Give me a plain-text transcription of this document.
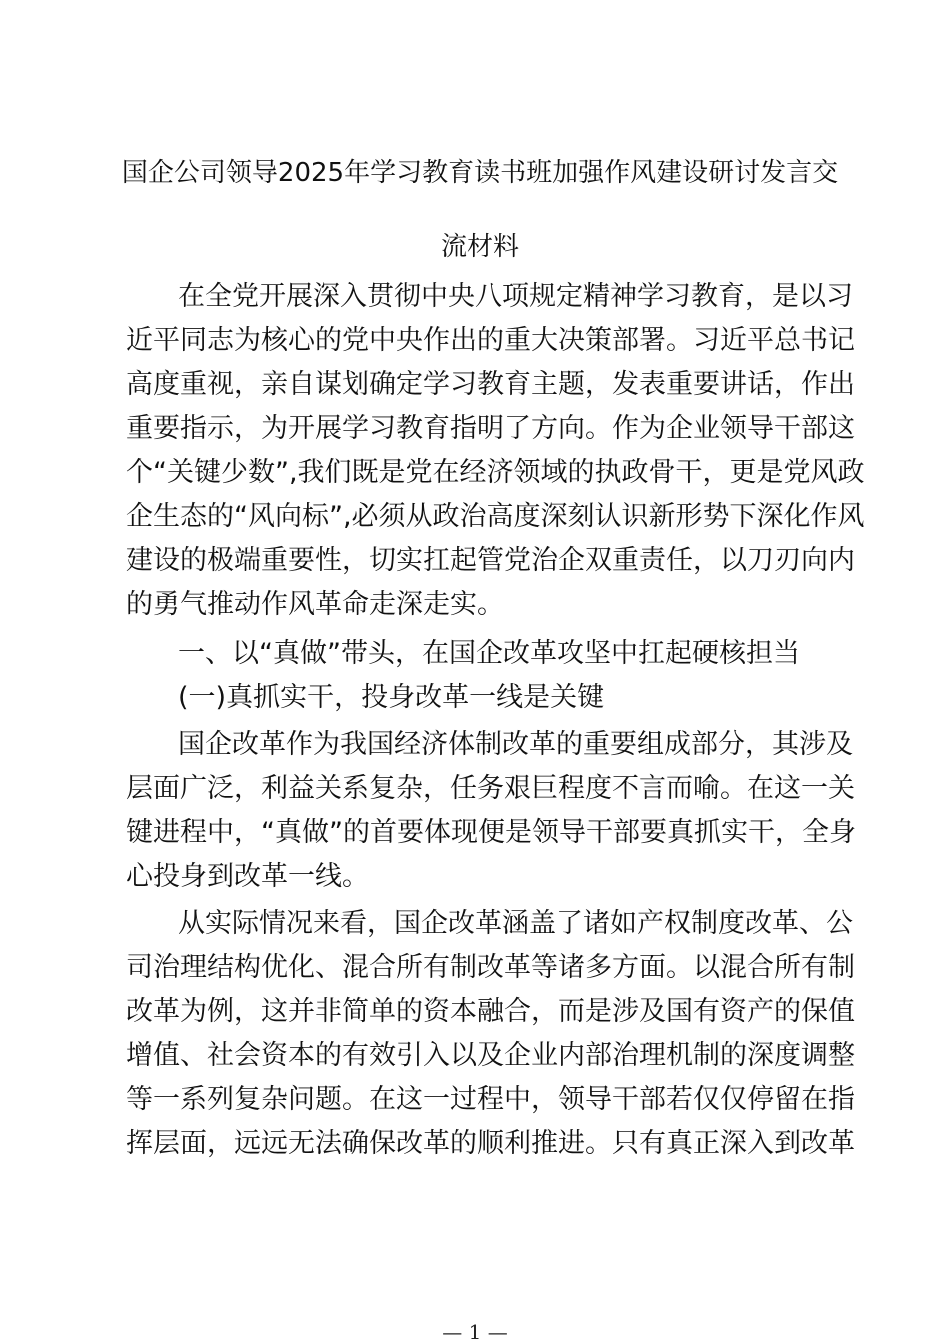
国企公司领导2025年学习教育读书班加强作风建设研讨发言交
流材料
在全党开展深入贯彻中央八项规定精神学习教育，是以习
近平同志为核心的党中央作出的重大决策部署。习近平总书记
高度重视，亲自谋划确定学习教育主题，发表重要讲话，作出
重要指示，为开展学习教育指明了方向。作为企业领导干部这
个“关键少数”,我们既是党在经济领域的执政骨干，更是党风政
企生态的“风向标”,必须从政治高度深刻认识新形势下深化作风
建设的极端重要性，切实扛起管党治企双重责任，以刀刃向内
的勇气推动作风革命走深走实。
一、以“真做”带头，在国企改革攻坚中扛起硬核担当
(一)真抓实干，投身改革一线是关键
国企改革作为我国经济体制改革的重要组成部分，其涉及
层面广泛，利益关系复杂，任务艰巨程度不言而喻。在这一关
键进程中，“真做”的首要体现便是领导干部要真抓实干，全身
心投身到改革一线。
从实际情况来看，国企改革涵盖了诸如产权制度改革、公
司治理结构优化、混合所有制改革等诸多方面。以混合所有制
改革为例，这并非简单的资本融合，而是涉及国有资产的保值
增值、社会资本的有效引入以及企业内部治理机制的深度调整
等一系列复杂问题。在这一过程中，领导干部若仅仅停留在指
挥层面，远远无法确保改革的顺利推进。只有真正深入到改革
— 1 —
